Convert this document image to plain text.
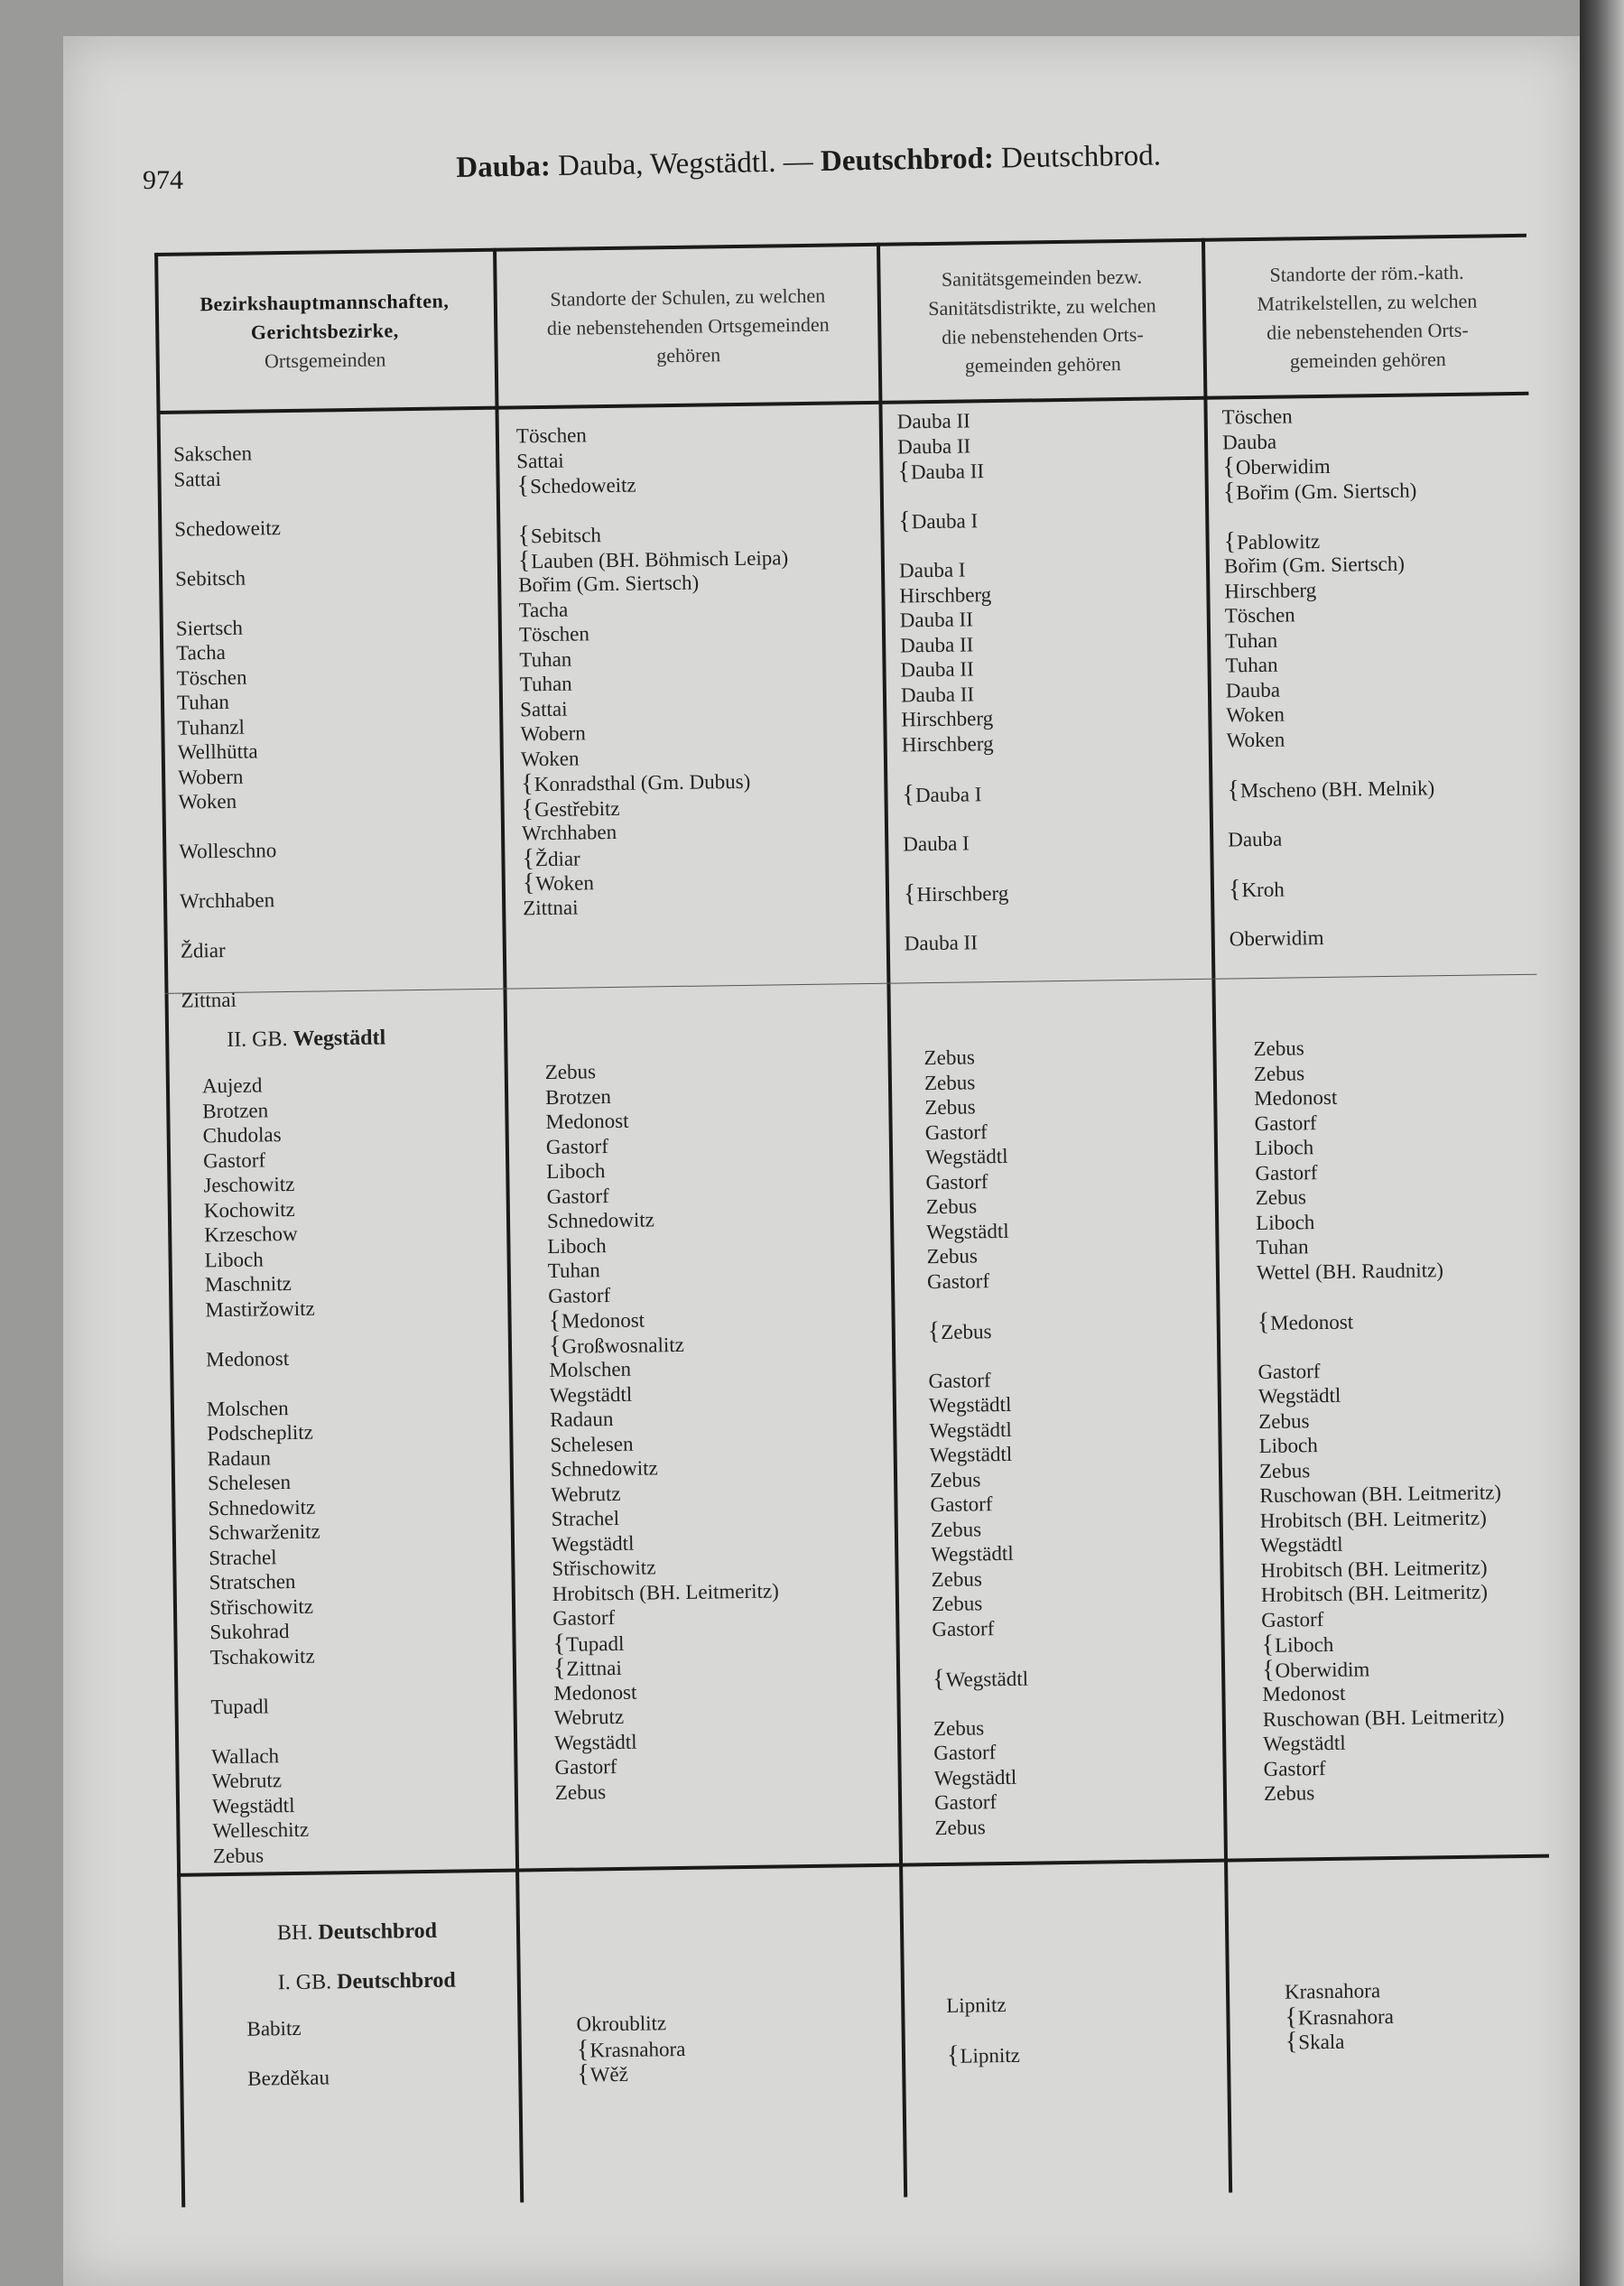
974	Dauba: Dauba, Wegstädtl. — Deutschbrod: Deutschbrod.
Bezirkshauptmannschaften,
Gerichtsbezirke,
Ortsgemeinden
Standorte der Schulen, zu welchen
die nebenstehenden Ortsgemeinden
gehören
Sanitätsgemeinden bezw.
Sanitätsdistrikte, zu welchen
die nebenstehenden Orts-
gemeinden gehören
Standorte der röm.-kath.
Matrikelstellen, zu welchen
die nebenstehenden Orts-
gemeinden gehören
Sakschen
Sattai
Schedoweitz
Sebitsch
Siertsch
Tacha
Töschen
Tuhan
Tuhanzl
Wellhütta
Wobern
Woken
Wolleschno
Wrchhaben
Ždiar
Zittnai
Töschen
Sattai
{Schedoweitz
{Sebitsch
{Lauben (BH. Böhmisch Leipa)
Bořim (Gm. Siertsch)
Tacha
Töschen
Tuhan
Tuhan
Sattai
Wobern
Woken
{Konradsthal (Gm. Dubus)
{Gestřebitz
Wrchhaben
{Ždiar
{Woken
Zittnai
Dauba II
Dauba II
{Dauba II
{Dauba I
Dauba I
Hirschberg
Dauba II
Dauba II
Dauba II
Dauba II
Hirschberg
Hirschberg
{Dauba I
Dauba I
{Hirschberg
Dauba II
Töschen
Dauba
{Oberwidim
{Bořim (Gm. Siertsch)
{Pablowitz
Bořim (Gm. Siertsch)
Hirschberg
Töschen
Tuhan
Tuhan
Dauba
Woken
Woken
{Mscheno (BH. Melnik)
Dauba
{Kroh
Oberwidim
II. GB. Wegstädtl
Aujezd
Brotzen
Chudolas
Gastorf
Jeschowitz
Kochowitz
Krzeschow
Liboch
Maschnitz
Mastiržowitz
Medonost
Molschen
Podscheplitz
Radaun
Schelesen
Schnedowitz
Schwarženitz
Strachel
Stratschen
Střischowitz
Sukohrad
Tschakowitz
Tupadl
Wallach
Webrutz
Wegstädtl
Welleschitz
Zebus
Zebus
Brotzen
Medonost
Gastorf
Liboch
Gastorf
Schnedowitz
Liboch
Tuhan
Gastorf
{Medonost
{Großwosnalitz
Molschen
Wegstädtl
Radaun
Schelesen
Schnedowitz
Webrutz
Strachel
Wegstädtl
Střischowitz
Hrobitsch (BH. Leitmeritz)
Gastorf
{Tupadl
{Zittnai
Medonost
Webrutz
Wegstädtl
Gastorf
Zebus
Zebus
Zebus
Zebus
Gastorf
Wegstädtl
Gastorf
Zebus
Wegstädtl
Zebus
Gastorf
{Zebus
Gastorf
Wegstädtl
Wegstädtl
Wegstädtl
Zebus
Gastorf
Zebus
Wegstädtl
Zebus
Zebus
Gastorf
{Wegstädtl
Zebus
Gastorf
Wegstädtl
Gastorf
Zebus
Zebus
Zebus
Medonost
Gastorf
Liboch
Gastorf
Zebus
Liboch
Tuhan
Wettel (BH. Raudnitz)
{Medonost
Gastorf
Wegstädtl
Zebus
Liboch
Zebus
Ruschowan (BH. Leitmeritz)
Hrobitsch (BH. Leitmeritz)
Wegstädtl
Hrobitsch (BH. Leitmeritz)
Hrobitsch (BH. Leitmeritz)
Gastorf
{Liboch
{Oberwidim
Medonost
Ruschowan (BH. Leitmeritz)
Wegstädtl
Gastorf
Zebus
BH. Deutschbrod
I. GB. Deutschbrod
Babitz
Bezděkau
Okroublitz
{Krasnahora
{Wěž
Lipnitz
{Lipnitz
Krasnahora
{Krasnahora
{Skala
